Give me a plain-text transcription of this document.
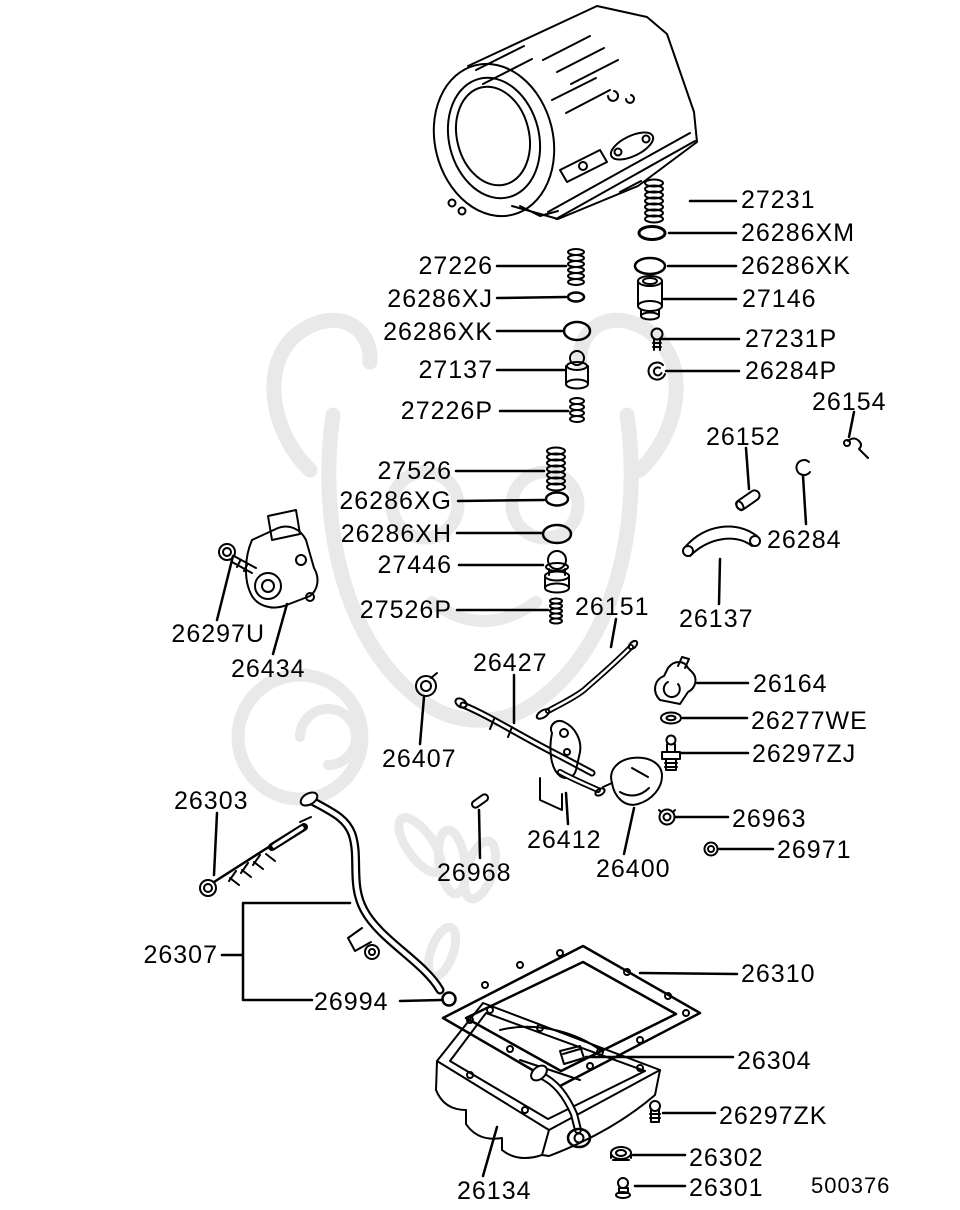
27231
26286XM
26286XK
27146
27231P
26284P
27226
26286XJ
26286XK
27137
27226P
27526
26286XG
26286XH
27446
27526P	26151
26154
26152
26284
26137
26297U
26434	26427
26407
26412
26968	26400
26164
26277WE
26297ZJ
26963
26971
26303
26307
26994
26310
26304
26297ZK
26302
26301
26134	500376
